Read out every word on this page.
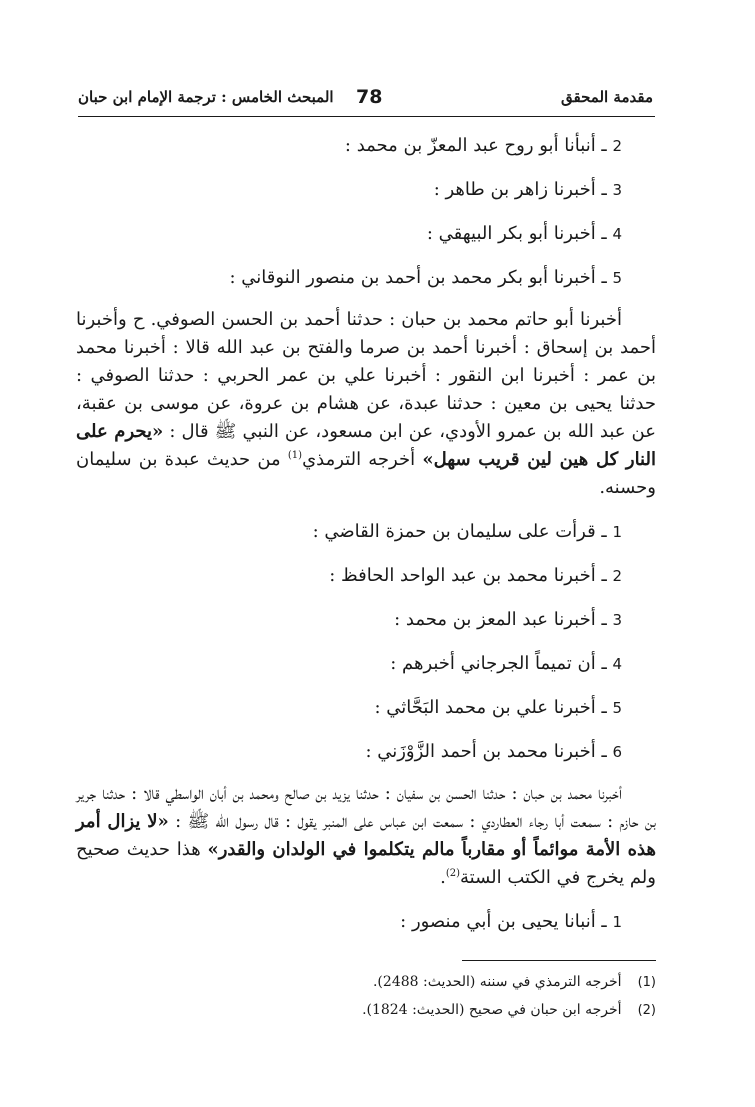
مقدمة المحقق
78
المبحث الخامس : ترجمة الإمام ابن حبان
2 ـ أنبأنا أبو روح عبد المعزّ بن محمد :
3 ـ أخبرنا زاهر بن طاهر :
4 ـ أخبرنا أبو بكر البيهقي :
5 ـ أخبرنا أبو بكر محمد بن أحمد بن منصور النوقاني :

أخبرنا أبو حاتم محمد بن حبان : حدثنا أحمد بن الحسن الصوفي. ح وأخبرنا أحمد بن إسحاق : أخبرنا أحمد بن صرما والفتح بن عبد الله قالا : أخبرنا محمد بن عمر : أخبرنا ابن النقور : أخبرنا علي بن عمر الحربي : حدثنا الصوفي : حدثنا يحيى بن معين : حدثنا عبدة، عن هشام بن عروة، عن موسى بن عقبة، عن عبد الله بن عمرو الأودي، عن ابن مسعود، عن النبي ﷺ قال : «يحرم على النار كل هين لين قريب سهل» أخرجه الترمذي$^{(1)}$ من حديث عبدة بن سليمان وحسنه.

1 ـ قرأت على سليمان بن حمزة القاضي :
2 ـ أخبرنا محمد بن عبد الواحد الحافظ :
3 ـ أخبرنا عبد المعز بن محمد :
4 ـ أن تميماً الجرجاني أخبرهم :
5 ـ أخبرنا علي بن محمد البَحَّاثي :
6 ـ أخبرنا محمد بن أحمد الزَّوْزَني :

أخبرنا محمد بن حبان : حدثنا الحسن بن سفيان : حدثنا يزيد بن صالح ومحمد بن أبان الواسطي قالا : حدثنا جرير بن حازم : سمعت أبا رجاء العطاردي : سمعت ابن عباس على المنبر يقول : قال رسول الله ﷺ : «لا يزال أمر هذه الأمة موائماً أو مقارباً مالم يتكلموا في الولدان والقدر» هذا حديث صحيح ولم يخرج في الكتب الستة$^{(2)}$.

1 ـ أنبانا يحيى بن أبي منصور :
(1) أخرجه الترمذي في سننه (الحديث: 2488).
(2) أخرجه ابن حبان في صحيح (الحديث: 1824).
